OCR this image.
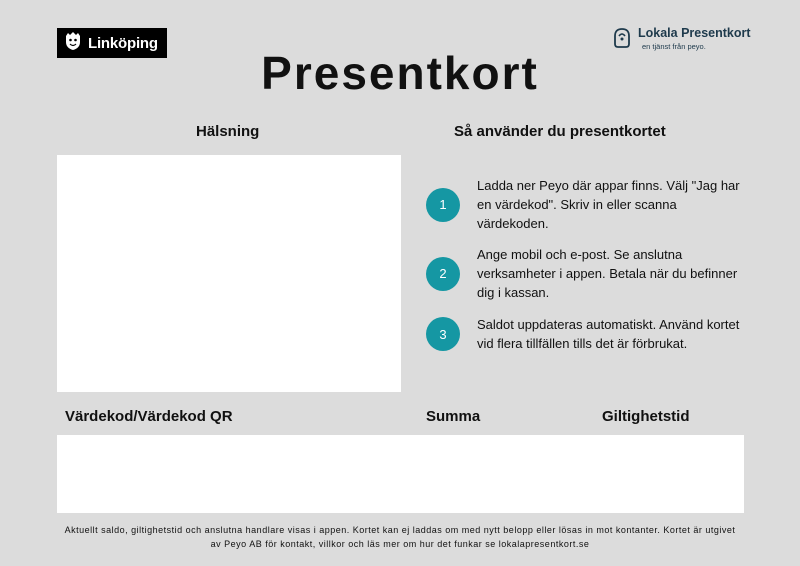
Linköping
Lokala Presentkort
en tjänst från peyo.
Presentkort
Hälsning	Så använder du presentkortet
1
Ladda ner Peyo där appar finns. Välj "Jag har en värdekod". Skriv in eller scanna värdekoden.
2
Ange mobil och e-post. Se anslutna verksamheter i appen. Betala när du befinner dig i kassan.
3
Saldot uppdateras automatiskt. Använd kortet vid flera tillfällen tills det är förbrukat.
Värdekod/Värdekod QR	Summa	Giltighetstid
Aktuellt saldo, giltighetstid och anslutna handlare visas i appen. Kortet kan ej laddas om med nytt belopp eller lösas in mot kontanter. Kortet är utgivet av Peyo AB för kontakt, villkor och läs mer om hur det funkar se lokalapresentkort.se
